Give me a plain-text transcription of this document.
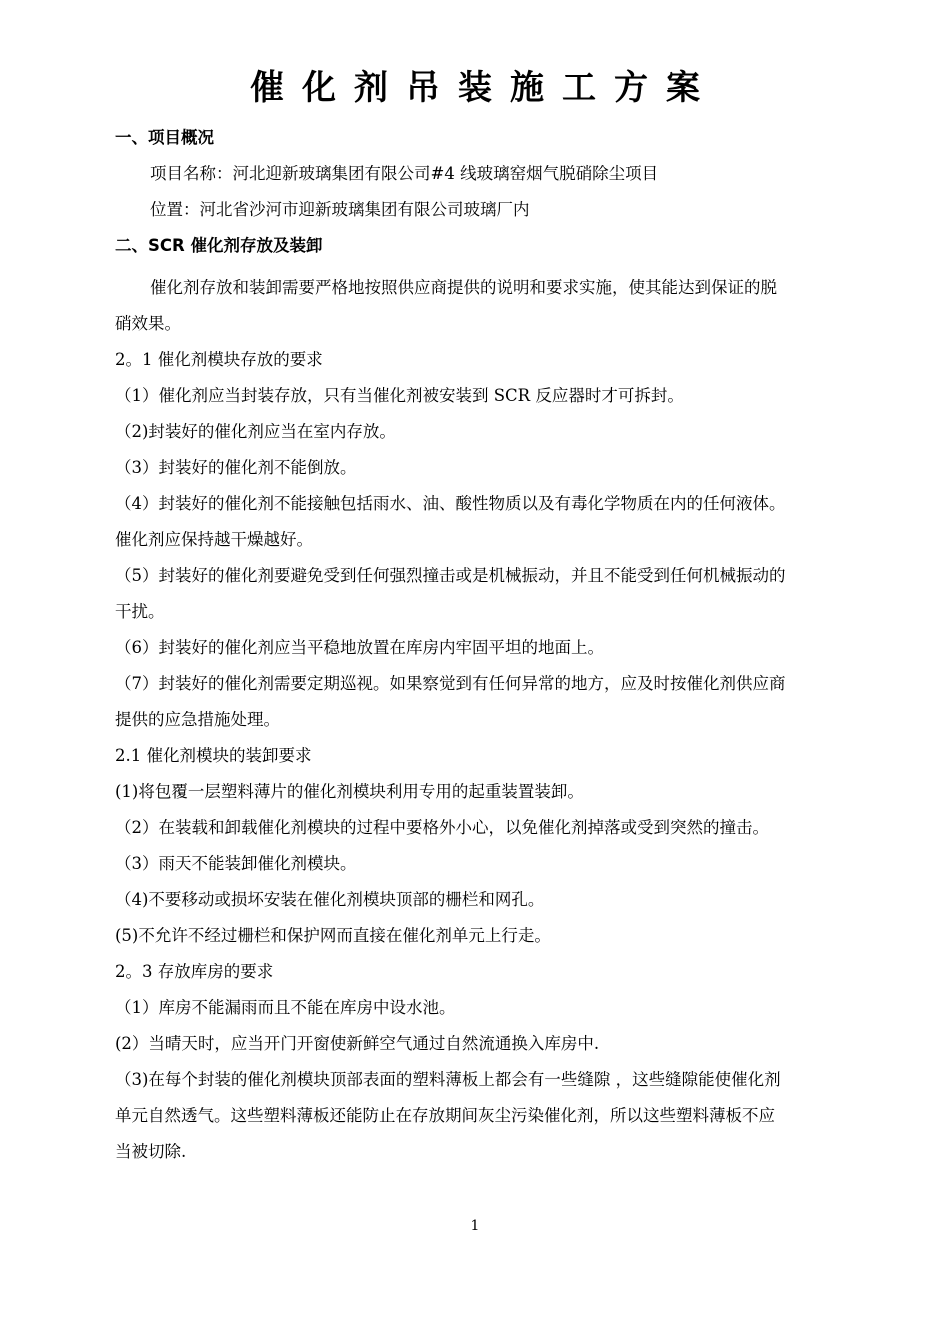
催化剂吊装施工方案
一、项目概况
项目名称：河北迎新玻璃集团有限公司#4 线玻璃窑烟气脱硝除尘项目
位置：河北省沙河市迎新玻璃集团有限公司玻璃厂内
二、SCR 催化剂存放及装卸
催化剂存放和装卸需要严格地按照供应商提供的说明和要求实施，使其能达到保证的脱
硝效果。
2。1 催化剂模块存放的要求
（1）催化剂应当封装存放，只有当催化剂被安装到 SCR 反应器时才可拆封。
（2)封装好的催化剂应当在室内存放。
（3）封装好的催化剂不能倒放。
（4）封装好的催化剂不能接触包括雨水、油、酸性物质以及有毒化学物质在内的任何液体。
催化剂应保持越干燥越好。
（5）封装好的催化剂要避免受到任何强烈撞击或是机械振动，并且不能受到任何机械振动的
干扰。
（6）封装好的催化剂应当平稳地放置在库房内牢固平坦的地面上。
（7）封装好的催化剂需要定期巡视。如果察觉到有任何异常的地方，应及时按催化剂供应商
提供的应急措施处理。
2.1 催化剂模块的装卸要求
(1)将包覆一层塑料薄片的催化剂模块利用专用的起重装置装卸。
（2）在装载和卸载催化剂模块的过程中要格外小心，以免催化剂掉落或受到突然的撞击。
（3）雨天不能装卸催化剂模块。
（4)不要移动或损坏安装在催化剂模块顶部的栅栏和网孔。
(5)不允许不经过栅栏和保护网而直接在催化剂单元上行走。
2。3 存放库房的要求
（1）库房不能漏雨而且不能在库房中设水池。
(2）当晴天时，应当开门开窗使新鲜空气通过自然流通换入库房中.
（3)在每个封装的催化剂模块顶部表面的塑料薄板上都会有一些缝隙 ，这些缝隙能使催化剂
单元自然透气。这些塑料薄板还能防止在存放期间灰尘污染催化剂，所以这些塑料薄板不应
当被切除.
1
